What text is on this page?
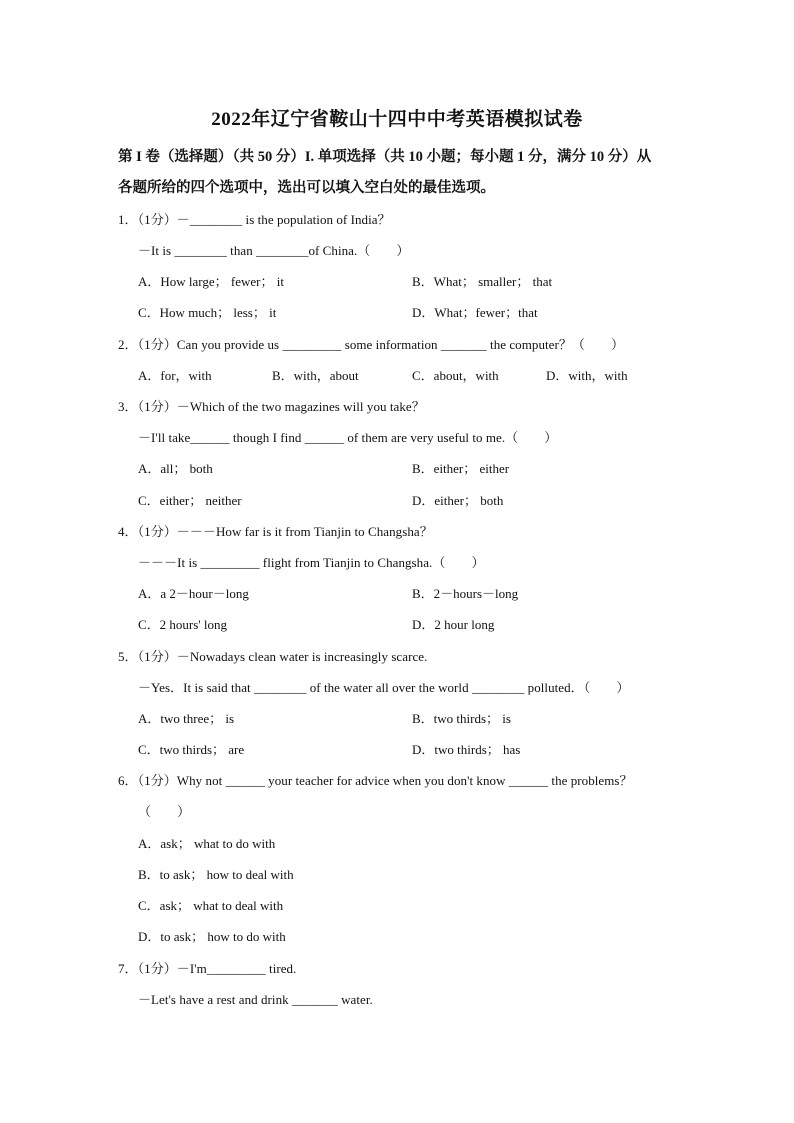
2022年辽宁省鞍山十四中中考英语模拟试卷
第 I 卷（选择题）（共 50 分）I. 单项选择（共 10 小题；每小题 1 分，满分 10 分）从
各题所给的四个选项中，选出可以填入空白处的最佳选项。
1．（1分）－________ is the population of India？
－It is ________ than ________of China.（　　）
A．How large； fewer； it	B．What； smaller； that
C．How much； less； it	D．What；fewer；that
2．（1分）Can you provide us _________ some information _______ the computer？（　　）
A．for，with	B．with，about	C．about，with	D．with，with
3．（1分）－Which of the two magazines will you take？
－I'll take______ though I find ______ of them are very useful to me.（　　）
A．all； both	B．either； either
C．either； neither	D．either； both
4．（1分）－－－How far is it from Tianjin to Changsha？
－－－It is _________ flight from Tianjin to Changsha.（　　）
A．a 2－hour－long	B．2－hours－long
C．2 hours' long	D．2 hour long
5．（1分）－Nowadays clean water is increasingly scarce.
－Yes．It is said that ________ of the water all over the world ________ polluted．（　　）
A．two three； is	B．two thirds； is
C．two thirds； are	D．two thirds； has
6．（1分）Why not ______ your teacher for advice when you don't know ______ the problems？
（　　）
A．ask； what to do with
B．to ask； how to deal with
C．ask； what to deal with
D．to ask； how to do with
7．（1分）－I'm_________ tired.
－Let's have a rest and drink _______ water.
